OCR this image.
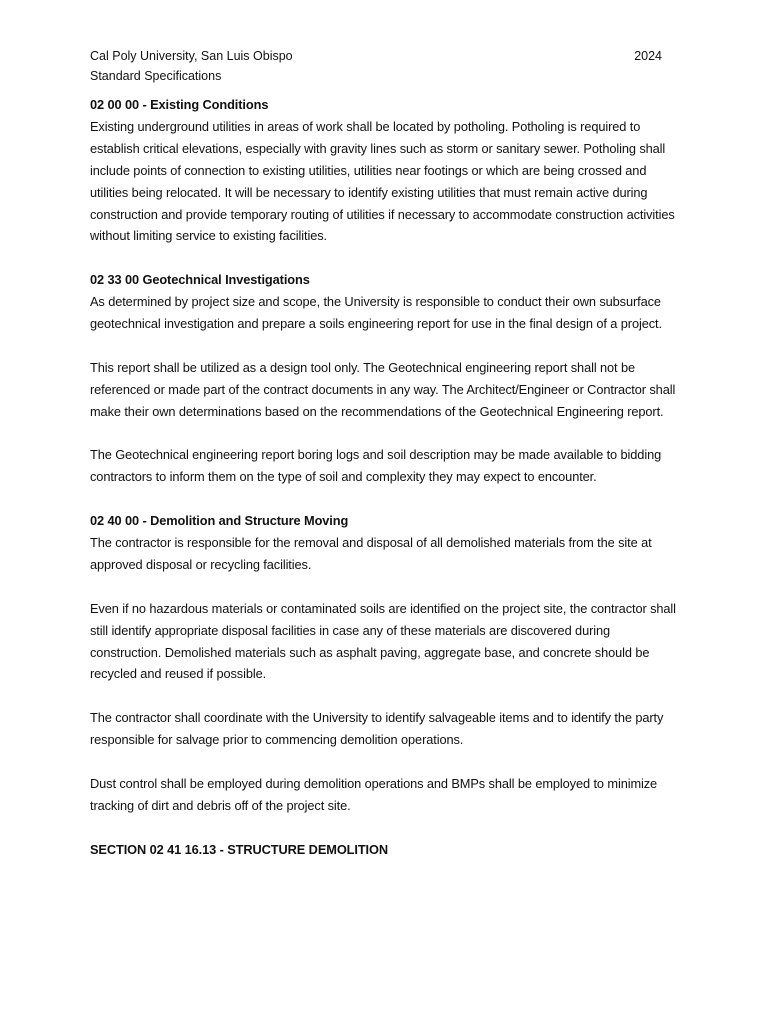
Cal Poly University, San Luis Obispo
Standard Specifications
2024

02 00 00 - Existing Conditions

Existing underground utilities in areas of work shall be located by potholing. Potholing is required to establish critical elevations, especially with gravity lines such as storm or sanitary sewer. Potholing shall include points of connection to existing utilities, utilities near footings or which are being crossed and utilities being relocated. It will be necessary to identify existing utilities that must remain active during construction and provide temporary routing of utilities if necessary to accommodate construction activities without limiting service to existing facilities.

02 33 00 Geotechnical Investigations

As determined by project size and scope, the University is responsible to conduct their own subsurface geotechnical investigation and prepare a soils engineering report for use in the final design of a project.

This report shall be utilized as a design tool only. The Geotechnical engineering report shall not be referenced or made part of the contract documents in any way. The Architect/Engineer or Contractor shall make their own determinations based on the recommendations of the Geotechnical Engineering report.

The Geotechnical engineering report boring logs and soil description may be made available to bidding contractors to inform them on the type of soil and complexity they may expect to encounter.

02 40 00 - Demolition and Structure Moving

The contractor is responsible for the removal and disposal of all demolished materials from the site at approved disposal or recycling facilities.

Even if no hazardous materials or contaminated soils are identified on the project site, the contractor shall still identify appropriate disposal facilities in case any of these materials are discovered during construction. Demolished materials such as asphalt paving, aggregate base, and concrete should be recycled and reused if possible.

The contractor shall coordinate with the University to identify salvageable items and to identify the party responsible for salvage prior to commencing demolition operations.

Dust control shall be employed during demolition operations and BMPs shall be employed to minimize tracking of dirt and debris off of the project site.

SECTION 02 41 16.13 - STRUCTURE DEMOLITION
